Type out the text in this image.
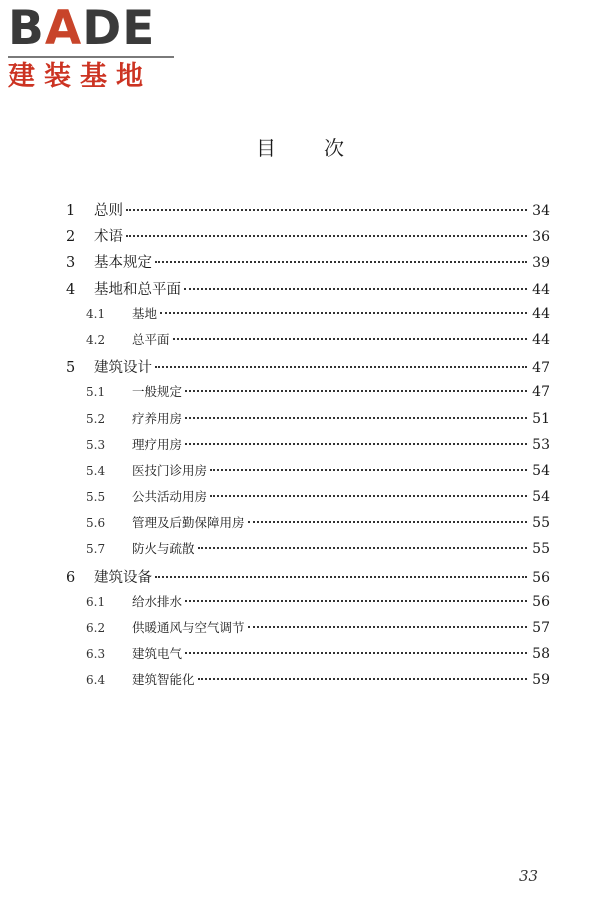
BADE
建装基地
目次
1	总则	34
2	术语	36
3	基本规定	39
4	基地和总平面	44
4.1	基地	44
4.2	总平面	44
5	建筑设计	47
5.1	一般规定	47
5.2	疗养用房	51
5.3	理疗用房	53
5.4	医技门诊用房	54
5.5	公共活动用房	54
5.6	管理及后勤保障用房	55
5.7	防火与疏散	55
6	建筑设备	56
6.1	给水排水	56
6.2	供暖通风与空气调节	57
6.3	建筑电气	58
6.4	建筑智能化	59
33
